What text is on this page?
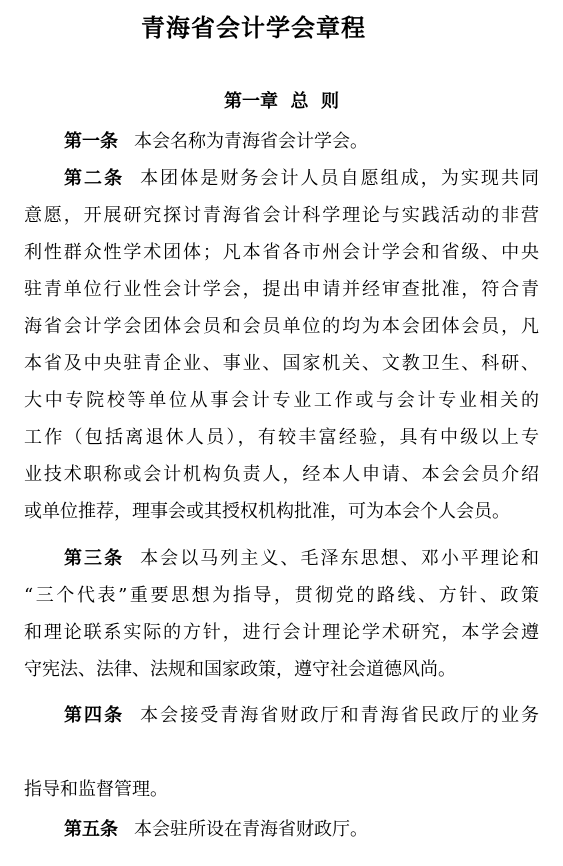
青海省会计学会章程
第一章  总  则
第一条 本会名称为青海省会计学会。
第二条 本团体是财务会计人员自愿组成，为实现共同
意愿，开展研究探讨青海省会计科学理论与实践活动的非营
利性群众性学术团体；凡本省各市州会计学会和省级、中央
驻青单位行业性会计学会，提出申请并经审查批准，符合青
海省会计学会团体会员和会员单位的均为本会团体会员，凡
本省及中央驻青企业、事业、国家机关、文教卫生、科研、
大中专院校等单位从事会计专业工作或与会计专业相关的
工作（包括离退休人员），有较丰富经验，具有中级以上专
业技术职称或会计机构负责人，经本人申请、本会会员介绍
或单位推荐，理事会或其授权机构批准，可为本会个人会员。
第三条 本会以马列主义、毛泽东思想、邓小平理论和
“三个代表”重要思想为指导，贯彻党的路线、方针、政策
和理论联系实际的方针，进行会计理论学术研究，本学会遵
守宪法、法律、法规和国家政策，遵守社会道德风尚。
第四条 本会接受青海省财政厅和青海省民政厅的业务
指导和监督管理。
第五条 本会驻所设在青海省财政厅。
